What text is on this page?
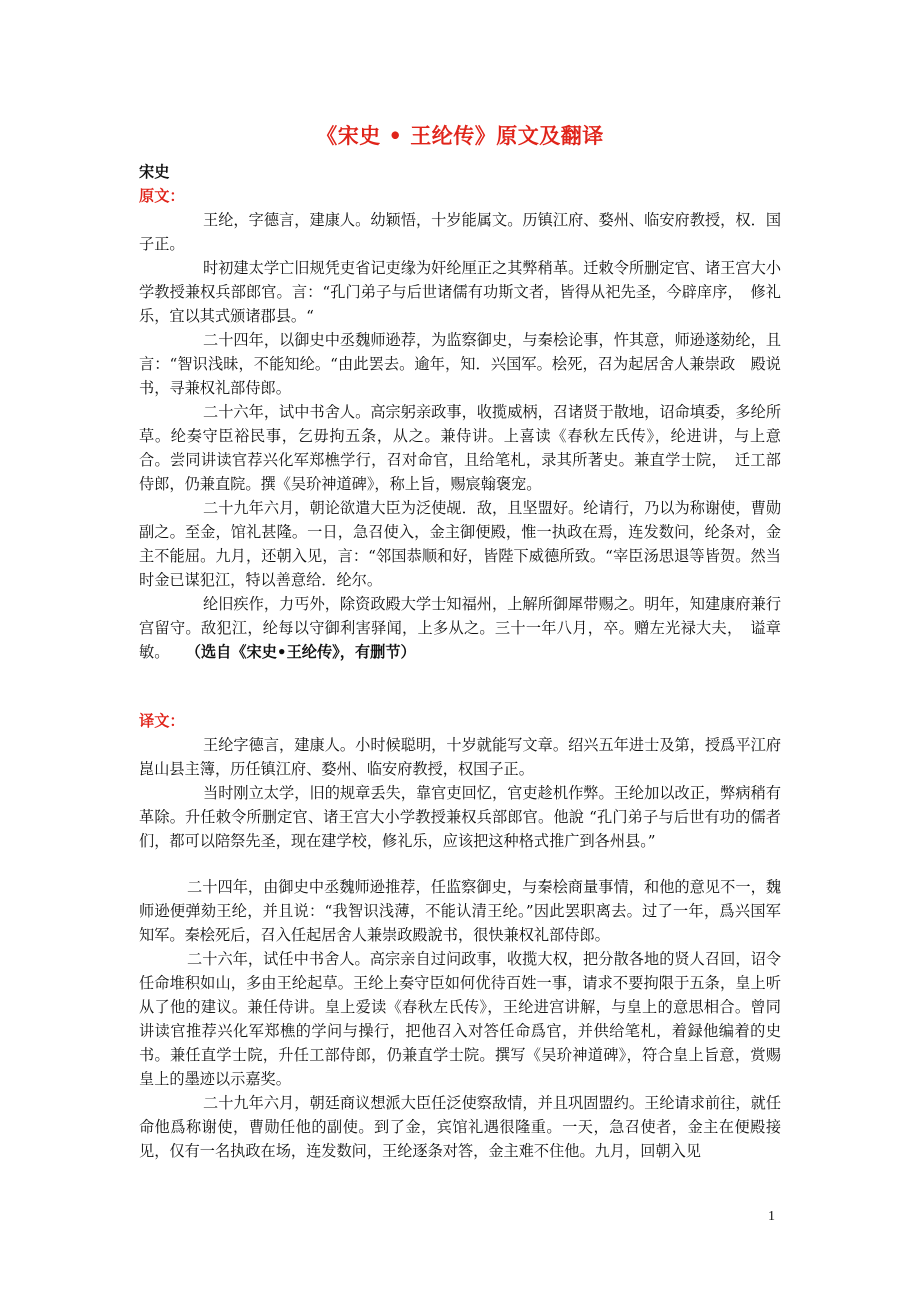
《宋史 • 王纶传》原文及翻译
宋史
原文：

王纶，字德言，建康人。幼颖悟，十岁能属文。历镇江府、婺州、临安府教授，权．国子正。

时初建太学亡旧规凭吏省记吏缘为奸纶厘正之其弊稍革。迁敕令所删定官、诸王宫大小学教授兼权兵部郎官。言：“孔门弟子与后世诸儒有功斯文者，皆得从祀先圣，今辟庠序，　修礼乐，宜以其式颁诸郡县。“

二十四年，以御史中丞魏师逊荐，为监察御史，与秦桧论事，忤其意，师逊遂劾纶，且言：“智识浅昧，不能知纶。“由此罢去。逾年，知．兴国军。桧死，召为起居舍人兼崇政　殿说书，寻兼权礼部侍郎。

二十六年，试中书舍人。高宗躬亲政事，收揽威柄，召诸贤于散地，诏命填委，多纶所草。纶奏守臣裕民事，乞毋拘五条，从之。兼侍讲。上喜读《春秋左氏传》，纶进讲，与上意合。尝同讲读官荐兴化军郑樵学行，召对命官，且给笔札，录其所著史。兼直学士院，　迁工部侍郎，仍兼直院。撰《吴玠神道碑》，称上旨，赐宸翰褒宠。

二十九年六月，朝论欲遣大臣为泛使觇．敌，且坚盟好。纶请行，乃以为称谢使，曹勋　副之。至金，馆礼甚隆。一日，急召使入，金主御便殿，惟一执政在焉，连发数问，纶条对，金主不能屈。九月，还朝入见，言：“邻国恭顺和好，皆陛下威德所致。“宰臣汤思退等皆贺。然当时金已谋犯江，特以善意给．纶尔。

纶旧疾作，力丐外，除资政殿大学士知福州，上解所御犀带赐之。明年，知建康府兼行宫留守。敌犯江，纶每以守御利害驿闻，上多从之。三十一年八月，卒。赠左光禄大夫，　谥章敏。 （选自《宋史•王纶传》，有删节）

译文：

王纶字德言，建康人。小时候聪明，十岁就能写文章。绍兴五年进士及第，授爲平江府崑山县主簿，历任镇江府、婺州、临安府教授，权国子正。

当时刚立太学，旧的规章丢失，靠官吏回忆，官吏趁机作弊。王纶加以改正，弊病稍有革除。升任敕令所删定官、诸王宫大小学教授兼权兵部郎官。他說 “孔门弟子与后世有功的儒者们，都可以陪祭先圣，现在建学校，修礼乐，应该把这种格式推广到各州县。”

二十四年，由御史中丞魏师逊推荐，任监察御史，与秦桧商量事情，和他的意见不一，魏师逊便弹劾王纶，并且说：“我智识浅薄，不能认清王纶。”因此罢职离去。过了一年，爲兴国军知军。秦桧死后，召入任起居舍人兼崇政殿說书，很快兼权礼部侍郎。

二十六年，试任中书舍人。高宗亲自过问政事，收揽大权，把分散各地的贤人召回，诏令任命堆积如山，多由王纶起草。王纶上奏守臣如何优待百姓一事，请求不要拘限于五条，皇上听从了他的建议。兼任侍讲。皇上爱读《春秋左氏传》，王纶进宫讲解，与皇上的意思相合。曾同讲读官推荐兴化军郑樵的学问与操行，把他召入对答任命爲官，并供给笔札，着録他编着的史书。兼任直学士院，升任工部侍郎，仍兼直学士院。撰写《吴玠神道碑》，符合皇上旨意，赏赐皇上的墨迹以示嘉奖。

二十九年六月，朝廷商议想派大臣任泛使察敌情，并且巩固盟约。王纶请求前往，就任命他爲称谢使，曹勋任他的副使。到了金，宾馆礼遇很隆重。一天，急召使者，金主在便殿接见，仅有一名执政在场，连发数问，王纶逐条对答，金主难不住他。九月，回朝入见

1
